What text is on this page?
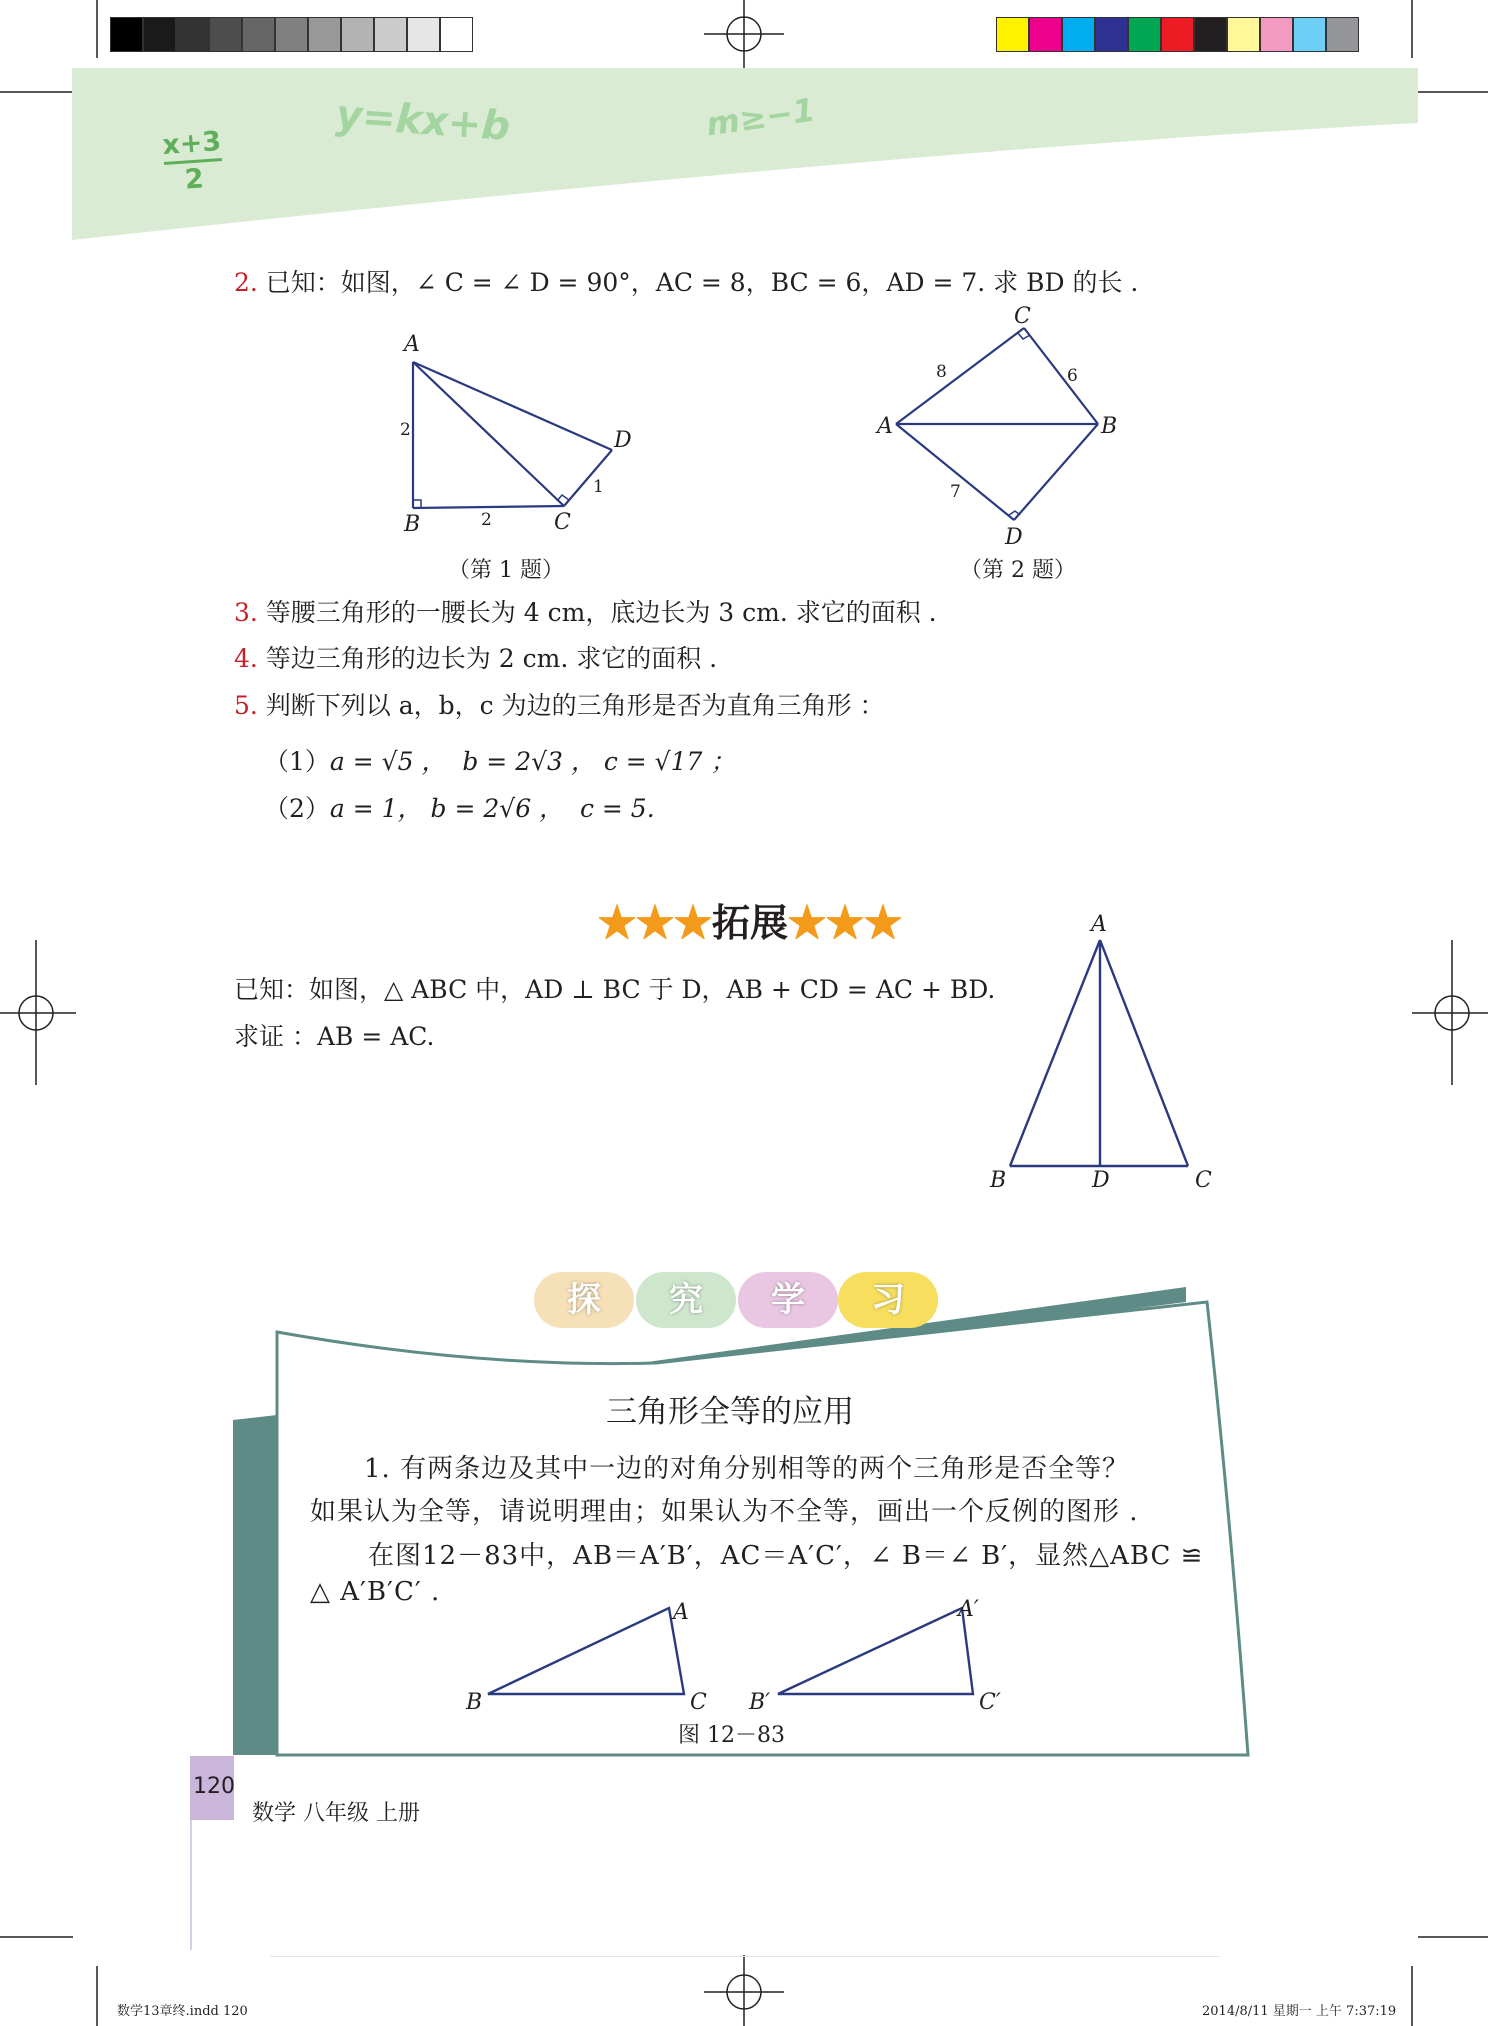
x+3
2
y=kx+b	m≥−1
2. 已知：如图，∠ C = ∠ D = 90°，AC = 8，BC = 6，AD = 7. 求 BD 的长 .
A
B	C
D
2
2
1
（第 1 题）
C
A	B
D
8	6
7
（第 2 题）
3. 等腰三角形的一腰长为 4 cm，底边长为 3 cm. 求它的面积 .
4. 等边三角形的边长为 2 cm. 求它的面积 .
5. 判断下列以 a，b，c 为边的三角形是否为直角三角形 ：
（1）a = √5 ， b = 2√3 ， c = √17 ；
（2）a = 1， b = 2√6 ， c = 5.
★★★拓展★★★
已知：如图，△ ABC 中，AD ⊥ BC 于 D，AB + CD = AC + BD.
求证 ：AB = AC.
A
B	D	C
探	究	学	习
三角形全等的应用
1. 有两条边及其中一边的对角分别相等的两个三角形是否全等？
如果认为全等，请说明理由；如果认为不全等，画出一个反例的图形 .
在图12－83中，AB＝A′B′，AC＝A′C′，∠ B＝∠ B′，显然△ABC ≌
△ A′B′C′ .
A
B	C
A′
B′	C′
图 12－83
120
数学 八年级 上册
数学13章终.indd 120	2014/8/11 星期一 上午 7:37:19
